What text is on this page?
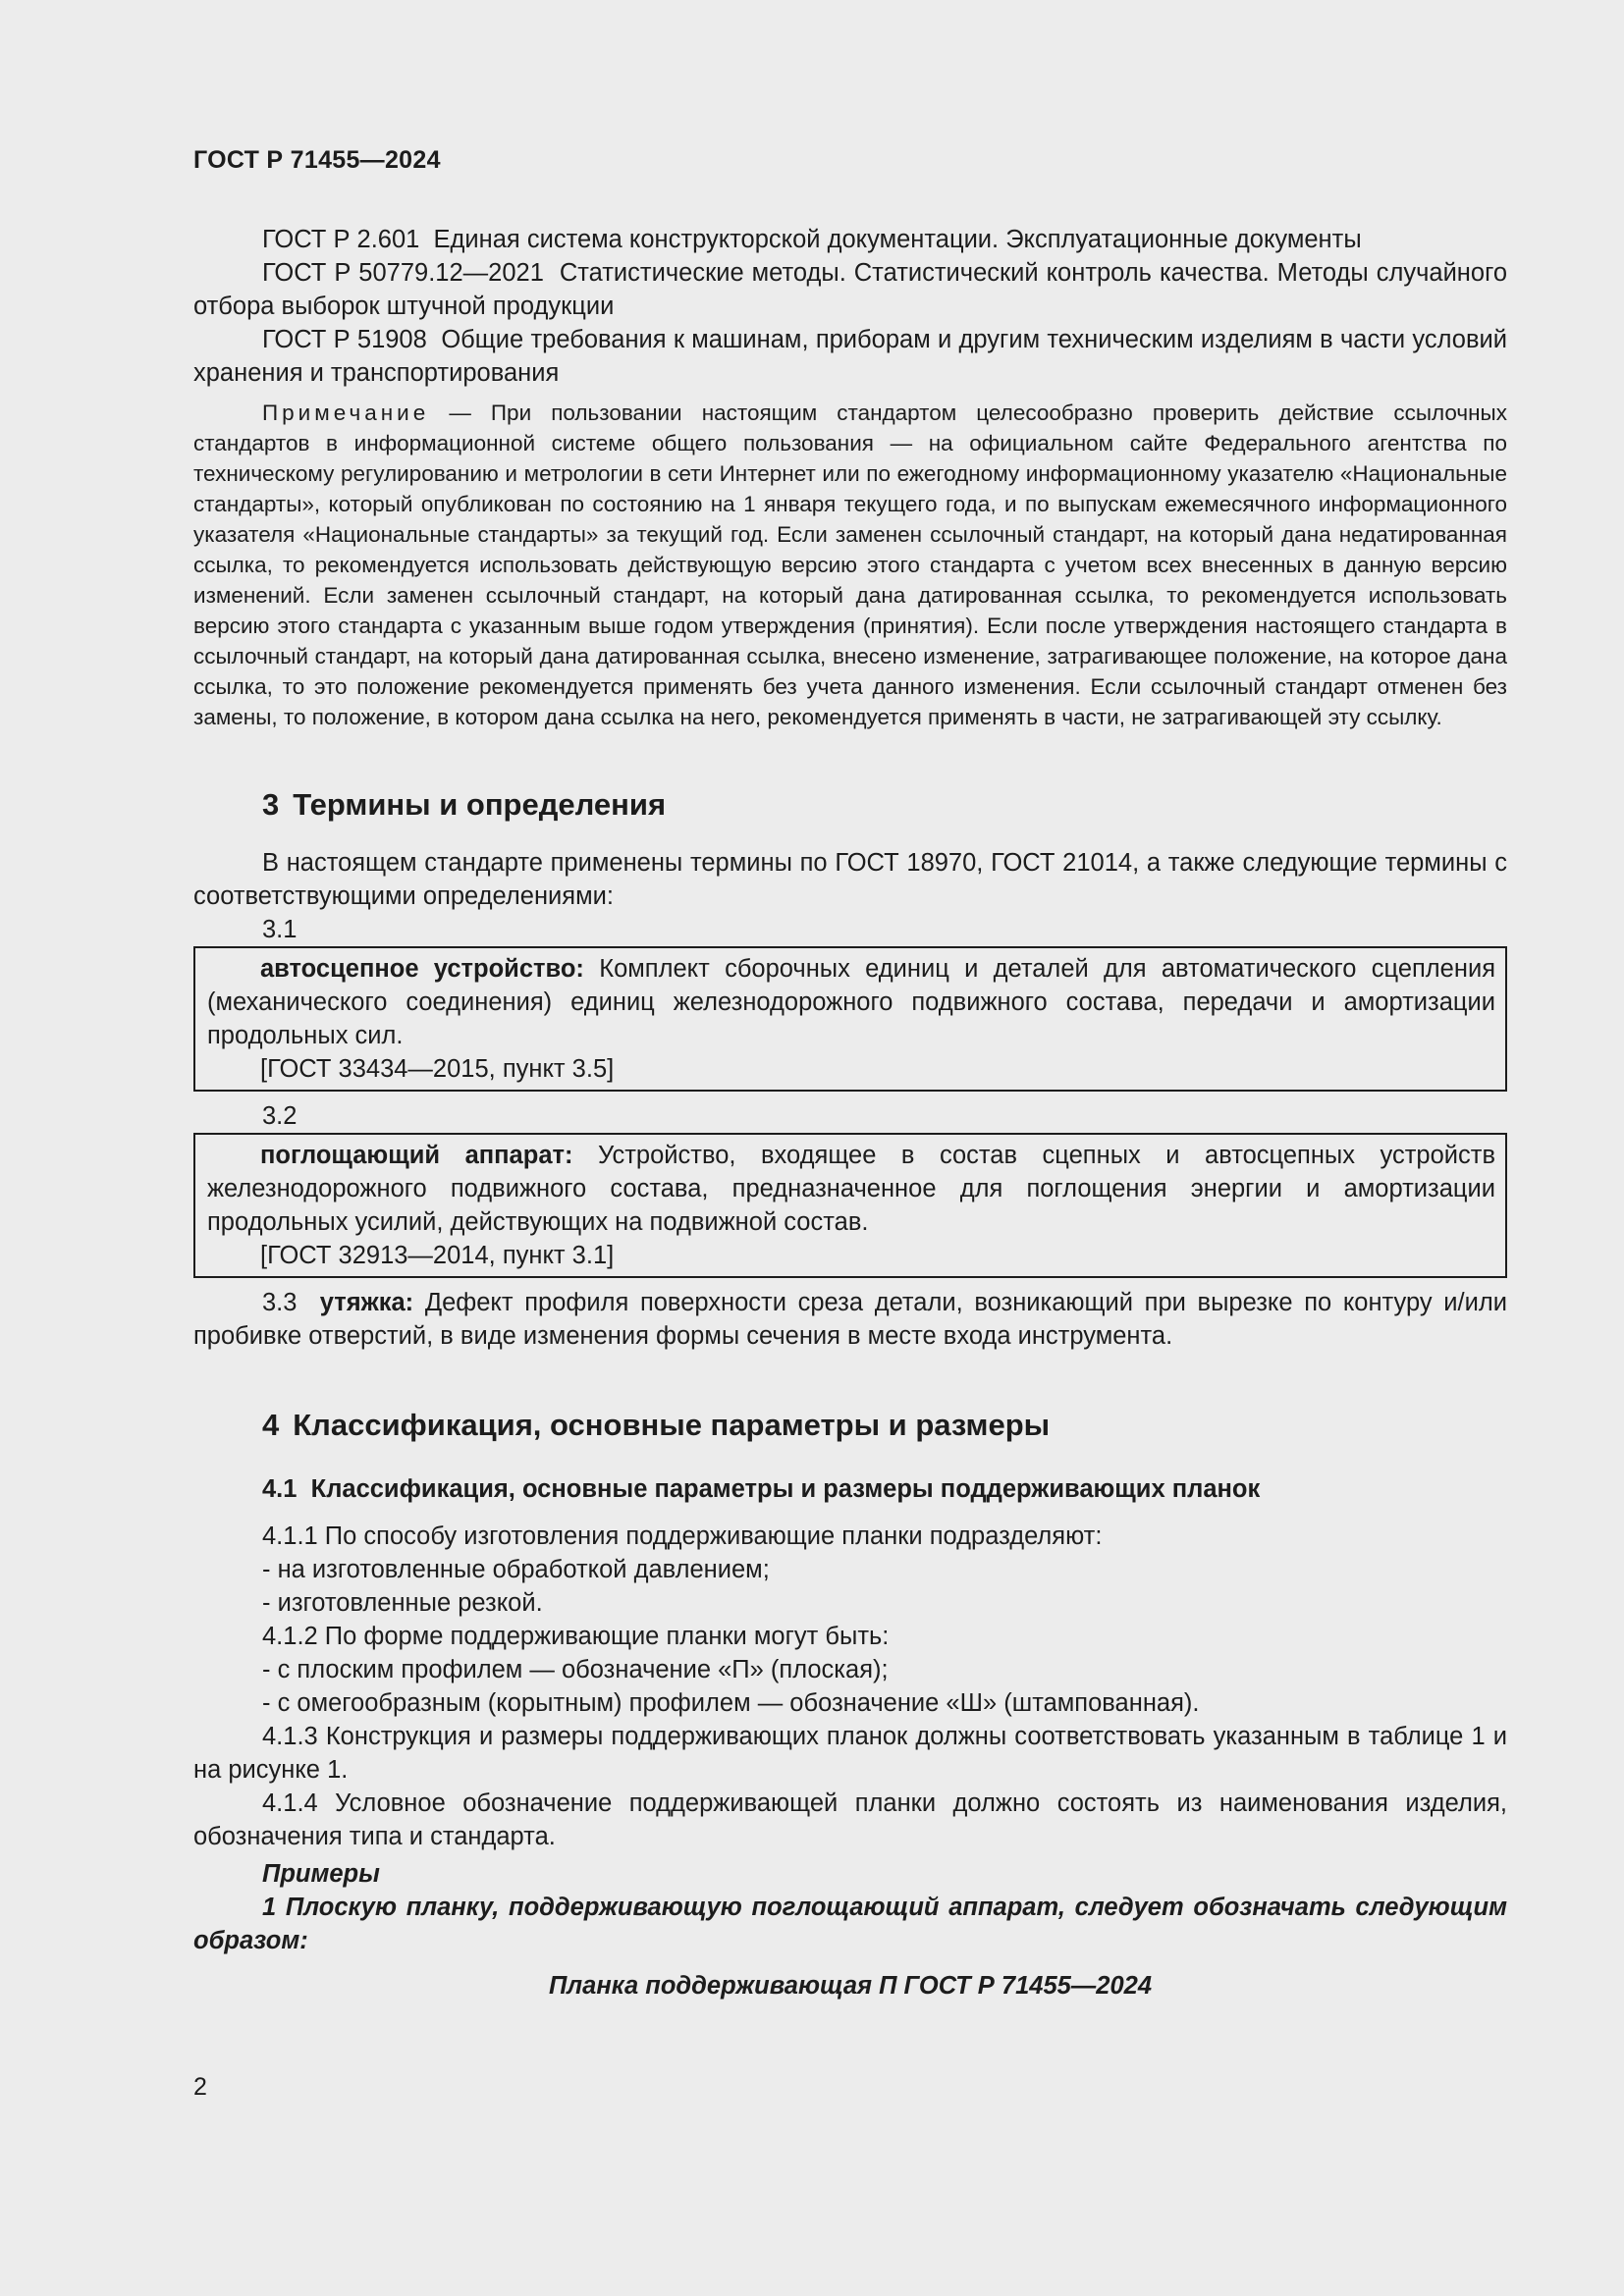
ГОСТ Р 71455—2024

ГОСТ Р 2.601 Единая система конструкторской документации. Эксплуатационные документы

ГОСТ Р 50779.12—2021 Статистические методы. Статистический контроль качества. Методы случайного отбора выборок штучной продукции

ГОСТ Р 51908 Общие требования к машинам, приборам и другим техническим изделиям в части условий хранения и транспортирования

Примечание — При пользовании настоящим стандартом целесообразно проверить действие ссылочных стандартов в информационной системе общего пользования — на официальном сайте Федерального агентства по техническому регулированию и метрологии в сети Интернет или по ежегодному информационному указателю «Национальные стандарты», который опубликован по состоянию на 1 января текущего года, и по выпускам ежемесячного информационного указателя «Национальные стандарты» за текущий год. Если заменен ссылочный стандарт, на который дана недатированная ссылка, то рекомендуется использовать действующую версию этого стандарта с учетом всех внесенных в данную версию изменений. Если заменен ссылочный стандарт, на который дана датированная ссылка, то рекомендуется использовать версию этого стандарта с указанным выше годом утверждения (принятия). Если после утверждения настоящего стандарта в ссылочный стандарт, на который дана датированная ссылка, внесено изменение, затрагивающее положение, на которое дана ссылка, то это положение рекомендуется применять без учета данного изменения. Если ссылочный стандарт отменен без замены, то положение, в котором дана ссылка на него, рекомендуется применять в части, не затрагивающей эту ссылку.

3 Термины и определения

В настоящем стандарте применены термины по ГОСТ 18970, ГОСТ 21014, а также следующие термины с соответствующими определениями:

3.1

автосцепное устройство: Комплект сборочных единиц и деталей для автоматического сцепления (механического соединения) единиц железнодорожного подвижного состава, передачи и амортизации продольных сил.

[ГОСТ 33434—2015, пункт 3.5]
3.2

поглощающий аппарат: Устройство, входящее в состав сцепных и автосцепных устройств железнодорожного подвижного состава, предназначенное для поглощения энергии и амортизации продольных усилий, действующих на подвижной состав.

[ГОСТ 32913—2014, пункт 3.1]

3.3 утяжка: Дефект профиля поверхности среза детали, возникающий при вырезке по контуру и/или пробивке отверстий, в виде изменения формы сечения в месте входа инструмента.

4 Классификация, основные параметры и размеры
4.1 Классификация, основные параметры и размеры поддерживающих планок

4.1.1 По способу изготовления поддерживающие планки подразделяют:

- на изготовленные обработкой давлением;
- изготовленные резкой.

4.1.2 По форме поддерживающие планки могут быть:

- с плоским профилем — обозначение «П» (плоская);
- с омегообразным (корытным) профилем — обозначение «Ш» (штампованная).

4.1.3 Конструкция и размеры поддерживающих планок должны соответствовать указанным в таблице 1 и на рисунке 1.

4.1.4 Условное обозначение поддерживающей планки должно состоять из наименования изделия, обозначения типа и стандарта.

Примеры

1 Плоскую планку, поддерживающую поглощающий аппарат, следует обозначать следующим образом:

Планка поддерживающая П ГОСТ Р 71455—2024
2
